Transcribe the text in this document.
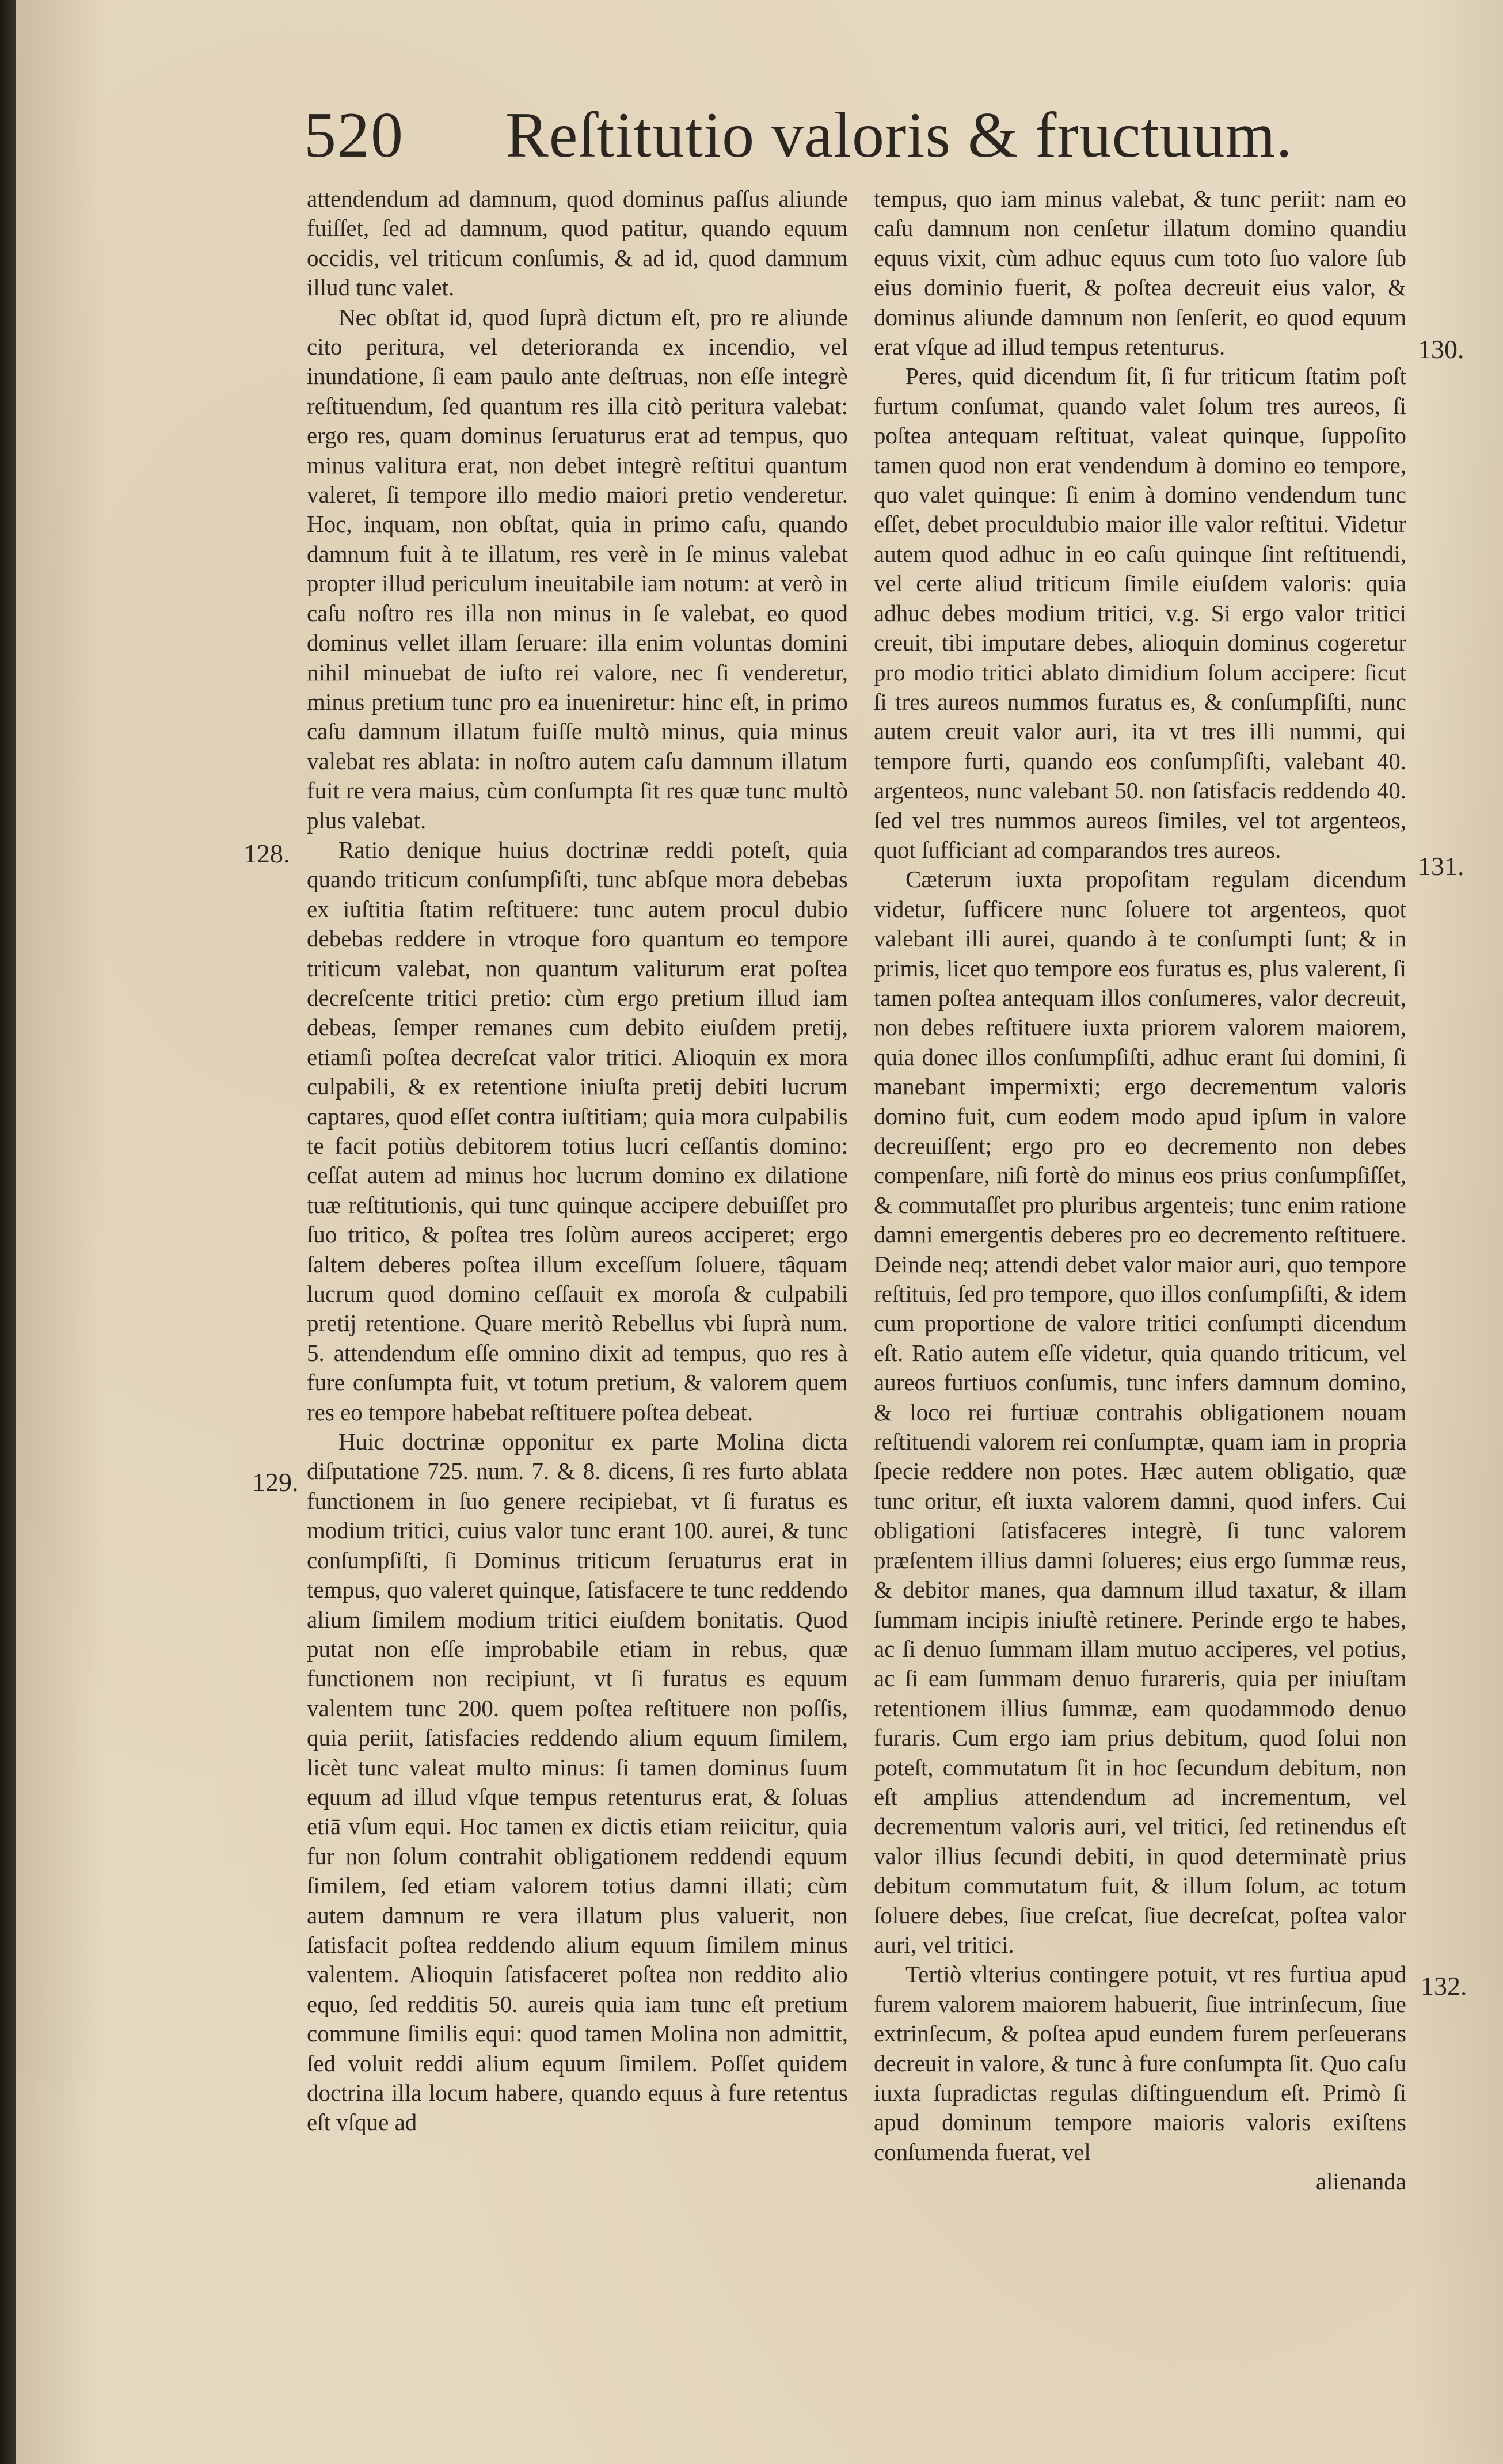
520 Reſtitutio valoris & fructuum.
128.
129.
130.
131.
132.

attendendum ad damnum, quod dominus paſſus aliunde fuiſſet, ſed ad damnum, quod patitur, quando equum occidis, vel triticum conſumis, & ad id, quod damnum illud tunc valet.

Nec obſtat id, quod ſuprà dictum eſt, pro re aliunde cito peritura, vel deterioranda ex incendio, vel inundatione, ſi eam paulo ante deſtruas, non eſſe integrè reſtituendum, ſed quantum res illa citò peritura valebat: ergo res, quam dominus ſeruaturus erat ad tempus, quo minus valitura erat, non debet integrè reſtitui quantum valeret, ſi tempore illo medio maiori pretio venderetur. Hoc, inquam, non obſtat, quia in primo caſu, quando damnum fuit à te illatum, res verè in ſe minus valebat propter illud periculum ineuitabile iam notum: at verò in caſu noſtro res illa non minus in ſe valebat, eo quod dominus vellet illam ſeruare: illa enim voluntas domini nihil minuebat de iuſto rei valore, nec ſi venderetur, minus pretium tunc pro ea inueniretur: hinc eſt, in primo caſu damnum illatum fuiſſe multò minus, quia minus valebat res ablata: in noſtro autem caſu damnum illatum fuit re vera maius, cùm conſumpta ſit res quæ tunc multò plus valebat.

Ratio denique huius doctrinæ reddi poteſt, quia quando triticum conſumpſiſti, tunc abſque mora debebas ex iuſtitia ſtatim reſtituere: tunc autem procul dubio debebas reddere in vtroque foro quantum eo tempore triticum valebat, non quantum valiturum erat poſtea decreſcente tritici pretio: cùm ergo pretium illud iam debeas, ſemper remanes cum debito eiuſdem pretij, etiamſi poſtea decreſcat valor tritici. Alioquin ex mora culpabili, & ex retentione iniuſta pretij debiti lucrum captares, quod eſſet contra iuſtitiam; quia mora culpabilis te facit potiùs debitorem totius lucri ceſſantis domino: ceſſat autem ad minus hoc lucrum domino ex dilatione tuæ reſtitutionis, qui tunc quinque accipere debuiſſet pro ſuo tritico, & poſtea tres ſolùm aureos acciperet; ergo ſaltem deberes poſtea illum exceſſum ſoluere, tâquam lucrum quod domino ceſſauit ex moroſa & culpabili pretij retentione. Quare meritò Rebellus vbi ſuprà num. 5. attendendum eſſe omnino dixit ad tempus, quo res à fure conſumpta fuit, vt totum pretium, & valorem quem res eo tempore habebat reſtituere poſtea debeat.

Huic doctrinæ opponitur ex parte Molina dicta diſputatione 725. num. 7. & 8. dicens, ſi res furto ablata functionem in ſuo genere recipiebat, vt ſi furatus es modium tritici, cuius valor tunc erant 100. aurei, & tunc conſumpſiſti, ſi Dominus triticum ſeruaturus erat in tempus, quo valeret quinque, ſatisfacere te tunc reddendo alium ſimilem modium tritici eiuſdem bonitatis. Quod putat non eſſe improbabile etiam in rebus, quæ functionem non recipiunt, vt ſi furatus es equum valentem tunc 200. quem poſtea reſtituere non poſſis, quia periit, ſatisfacies reddendo alium equum ſimilem, licèt tunc valeat multo minus: ſi tamen dominus ſuum equum ad illud vſque tempus retenturus erat, & ſoluas etiā vſum equi. Hoc tamen ex dictis etiam reiicitur, quia fur non ſolum contrahit obligationem reddendi equum ſimilem, ſed etiam valorem totius damni illati; cùm autem damnum re vera illatum plus valuerit, non ſatisfacit poſtea reddendo alium equum ſimilem minus valentem. Alioquin ſatisfaceret poſtea non reddito alio equo, ſed redditis 50. aureis quia iam tunc eſt pretium commune ſimilis equi: quod tamen Molina non admittit, ſed voluit reddi alium equum ſimilem. Poſſet quidem doctrina illa locum habere, quando equus à fure retentus eſt vſque ad

tempus, quo iam minus valebat, & tunc periit: nam eo caſu damnum non cenſetur illatum domino quandiu equus vixit, cùm adhuc equus cum toto ſuo valore ſub eius dominio fuerit, & poſtea decreuit eius valor, & dominus aliunde damnum non ſenſerit, eo quod equum erat vſque ad illud tempus retenturus.

Peres, quid dicendum ſit, ſi fur triticum ſtatim poſt furtum conſumat, quando valet ſolum tres aureos, ſi poſtea antequam reſtituat, valeat quinque, ſuppoſito tamen quod non erat vendendum à domino eo tempore, quo valet quinque: ſi enim à domino vendendum tunc eſſet, debet proculdubio maior ille valor reſtitui. Videtur autem quod adhuc in eo caſu quinque ſint reſtituendi, vel certe aliud triticum ſimile eiuſdem valoris: quia adhuc debes modium tritici, v.g. Si ergo valor tritici creuit, tibi imputare debes, alioquin dominus cogeretur pro modio tritici ablato dimidium ſolum accipere: ſicut ſi tres aureos nummos furatus es, & conſumpſiſti, nunc autem creuit valor auri, ita vt tres illi nummi, qui tempore furti, quando eos conſumpſiſti, valebant 40. argenteos, nunc valebant 50. non ſatisfacis reddendo 40. ſed vel tres nummos aureos ſimiles, vel tot argenteos, quot ſufficiant ad comparandos tres aureos.

Cæterum iuxta propoſitam regulam dicendum videtur, ſufficere nunc ſoluere tot argenteos, quot valebant illi aurei, quando à te conſumpti ſunt; & in primis, licet quo tempore eos furatus es, plus valerent, ſi tamen poſtea antequam illos conſumeres, valor decreuit, non debes reſtituere iuxta priorem valorem maiorem, quia donec illos conſumpſiſti, adhuc erant ſui domini, ſi manebant impermixti; ergo decrementum valoris domino fuit, cum eodem modo apud ipſum in valore decreuiſſent; ergo pro eo decremento non debes compenſare, niſi fortè do minus eos prius conſumpſiſſet, & commutaſſet pro pluribus argenteis; tunc enim ratione damni emergentis deberes pro eo decremento reſtituere. Deinde neq; attendi debet valor maior auri, quo tempore reſtituis, ſed pro tempore, quo illos conſumpſiſti, & idem cum proportione de valore tritici conſumpti dicendum eſt. Ratio autem eſſe videtur, quia quando triticum, vel aureos furtiuos conſumis, tunc infers damnum domino, & loco rei furtiuæ contrahis obligationem nouam reſtituendi valorem rei conſumptæ, quam iam in propria ſpecie reddere non potes. Hæc autem obligatio, quæ tunc oritur, eſt iuxta valorem damni, quod infers. Cui obligationi ſatisfaceres integrè, ſi tunc valorem præſentem illius damni ſolueres; eius ergo ſummæ reus, & debitor manes, qua damnum illud taxatur, & illam ſummam incipis iniuſtè retinere. Perinde ergo te habes, ac ſi denuo ſummam illam mutuo acciperes, vel potius, ac ſi eam ſummam denuo furareris, quia per iniuſtam retentionem illius ſummæ, eam quodammodo denuo furaris. Cum ergo iam prius debitum, quod ſolui non poteſt, commutatum ſit in hoc ſecundum debitum, non eſt amplius attendendum ad incrementum, vel decrementum valoris auri, vel tritici, ſed retinendus eſt valor illius ſecundi debiti, in quod determinatè prius debitum commutatum fuit, & illum ſolum, ac totum ſoluere debes, ſiue creſcat, ſiue decreſcat, poſtea valor auri, vel tritici.

Tertiò vlterius contingere potuit, vt res furtiua apud furem valorem maiorem habuerit, ſiue intrinſecum, ſiue extrinſecum, & poſtea apud eundem furem perſeuerans decreuit in valore, & tunc à fure conſumpta ſit. Quo caſu iuxta ſupradictas regulas diſtinguendum eſt. Primò ſi apud dominum tempore maioris valoris exiſtens conſumenda fuerat, vel

alienanda
